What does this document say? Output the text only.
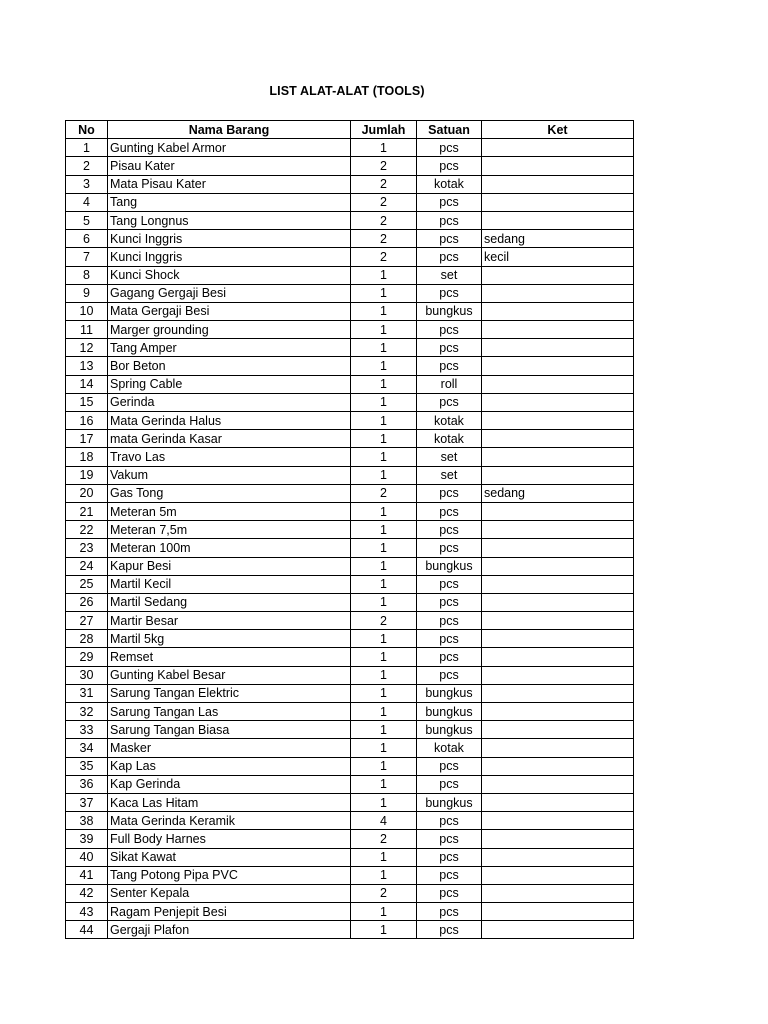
LIST ALAT-ALAT (TOOLS)
No	Nama Barang	Jumlah	Satuan	Ket
1	Gunting Kabel Armor	1	pcs	
2	Pisau Kater	2	pcs	
3	Mata Pisau Kater	2	kotak	
4	Tang	2	pcs	
5	Tang Longnus	2	pcs	
6	Kunci Inggris	2	pcs	sedang
7	Kunci Inggris	2	pcs	kecil
8	Kunci Shock	1	set	
9	Gagang Gergaji Besi	1	pcs	
10	Mata Gergaji Besi	1	bungkus	
11	Marger grounding	1	pcs	
12	Tang Amper	1	pcs	
13	Bor Beton	1	pcs	
14	Spring Cable	1	roll	
15	Gerinda	1	pcs	
16	Mata Gerinda Halus	1	kotak	
17	mata Gerinda Kasar	1	kotak	
18	Travo Las	1	set	
19	Vakum	1	set	
20	Gas Tong	2	pcs	sedang
21	Meteran 5m	1	pcs	
22	Meteran 7,5m	1	pcs	
23	Meteran 100m	1	pcs	
24	Kapur Besi	1	bungkus	
25	Martil Kecil	1	pcs	
26	Martil Sedang	1	pcs	
27	Martir Besar	2	pcs	
28	Martil 5kg	1	pcs	
29	Remset	1	pcs	
30	Gunting Kabel Besar	1	pcs	
31	Sarung Tangan Elektric	1	bungkus	
32	Sarung Tangan Las	1	bungkus	
33	Sarung Tangan Biasa	1	bungkus	
34	Masker	1	kotak	
35	Kap Las	1	pcs	
36	Kap Gerinda	1	pcs	
37	Kaca Las Hitam	1	bungkus	
38	Mata Gerinda Keramik	4	pcs	
39	Full Body Harnes	2	pcs	
40	Sikat Kawat	1	pcs	
41	Tang Potong Pipa PVC	1	pcs	
42	Senter Kepala	2	pcs	
43	Ragam Penjepit Besi	1	pcs	
44	Gergaji Plafon	1	pcs	
